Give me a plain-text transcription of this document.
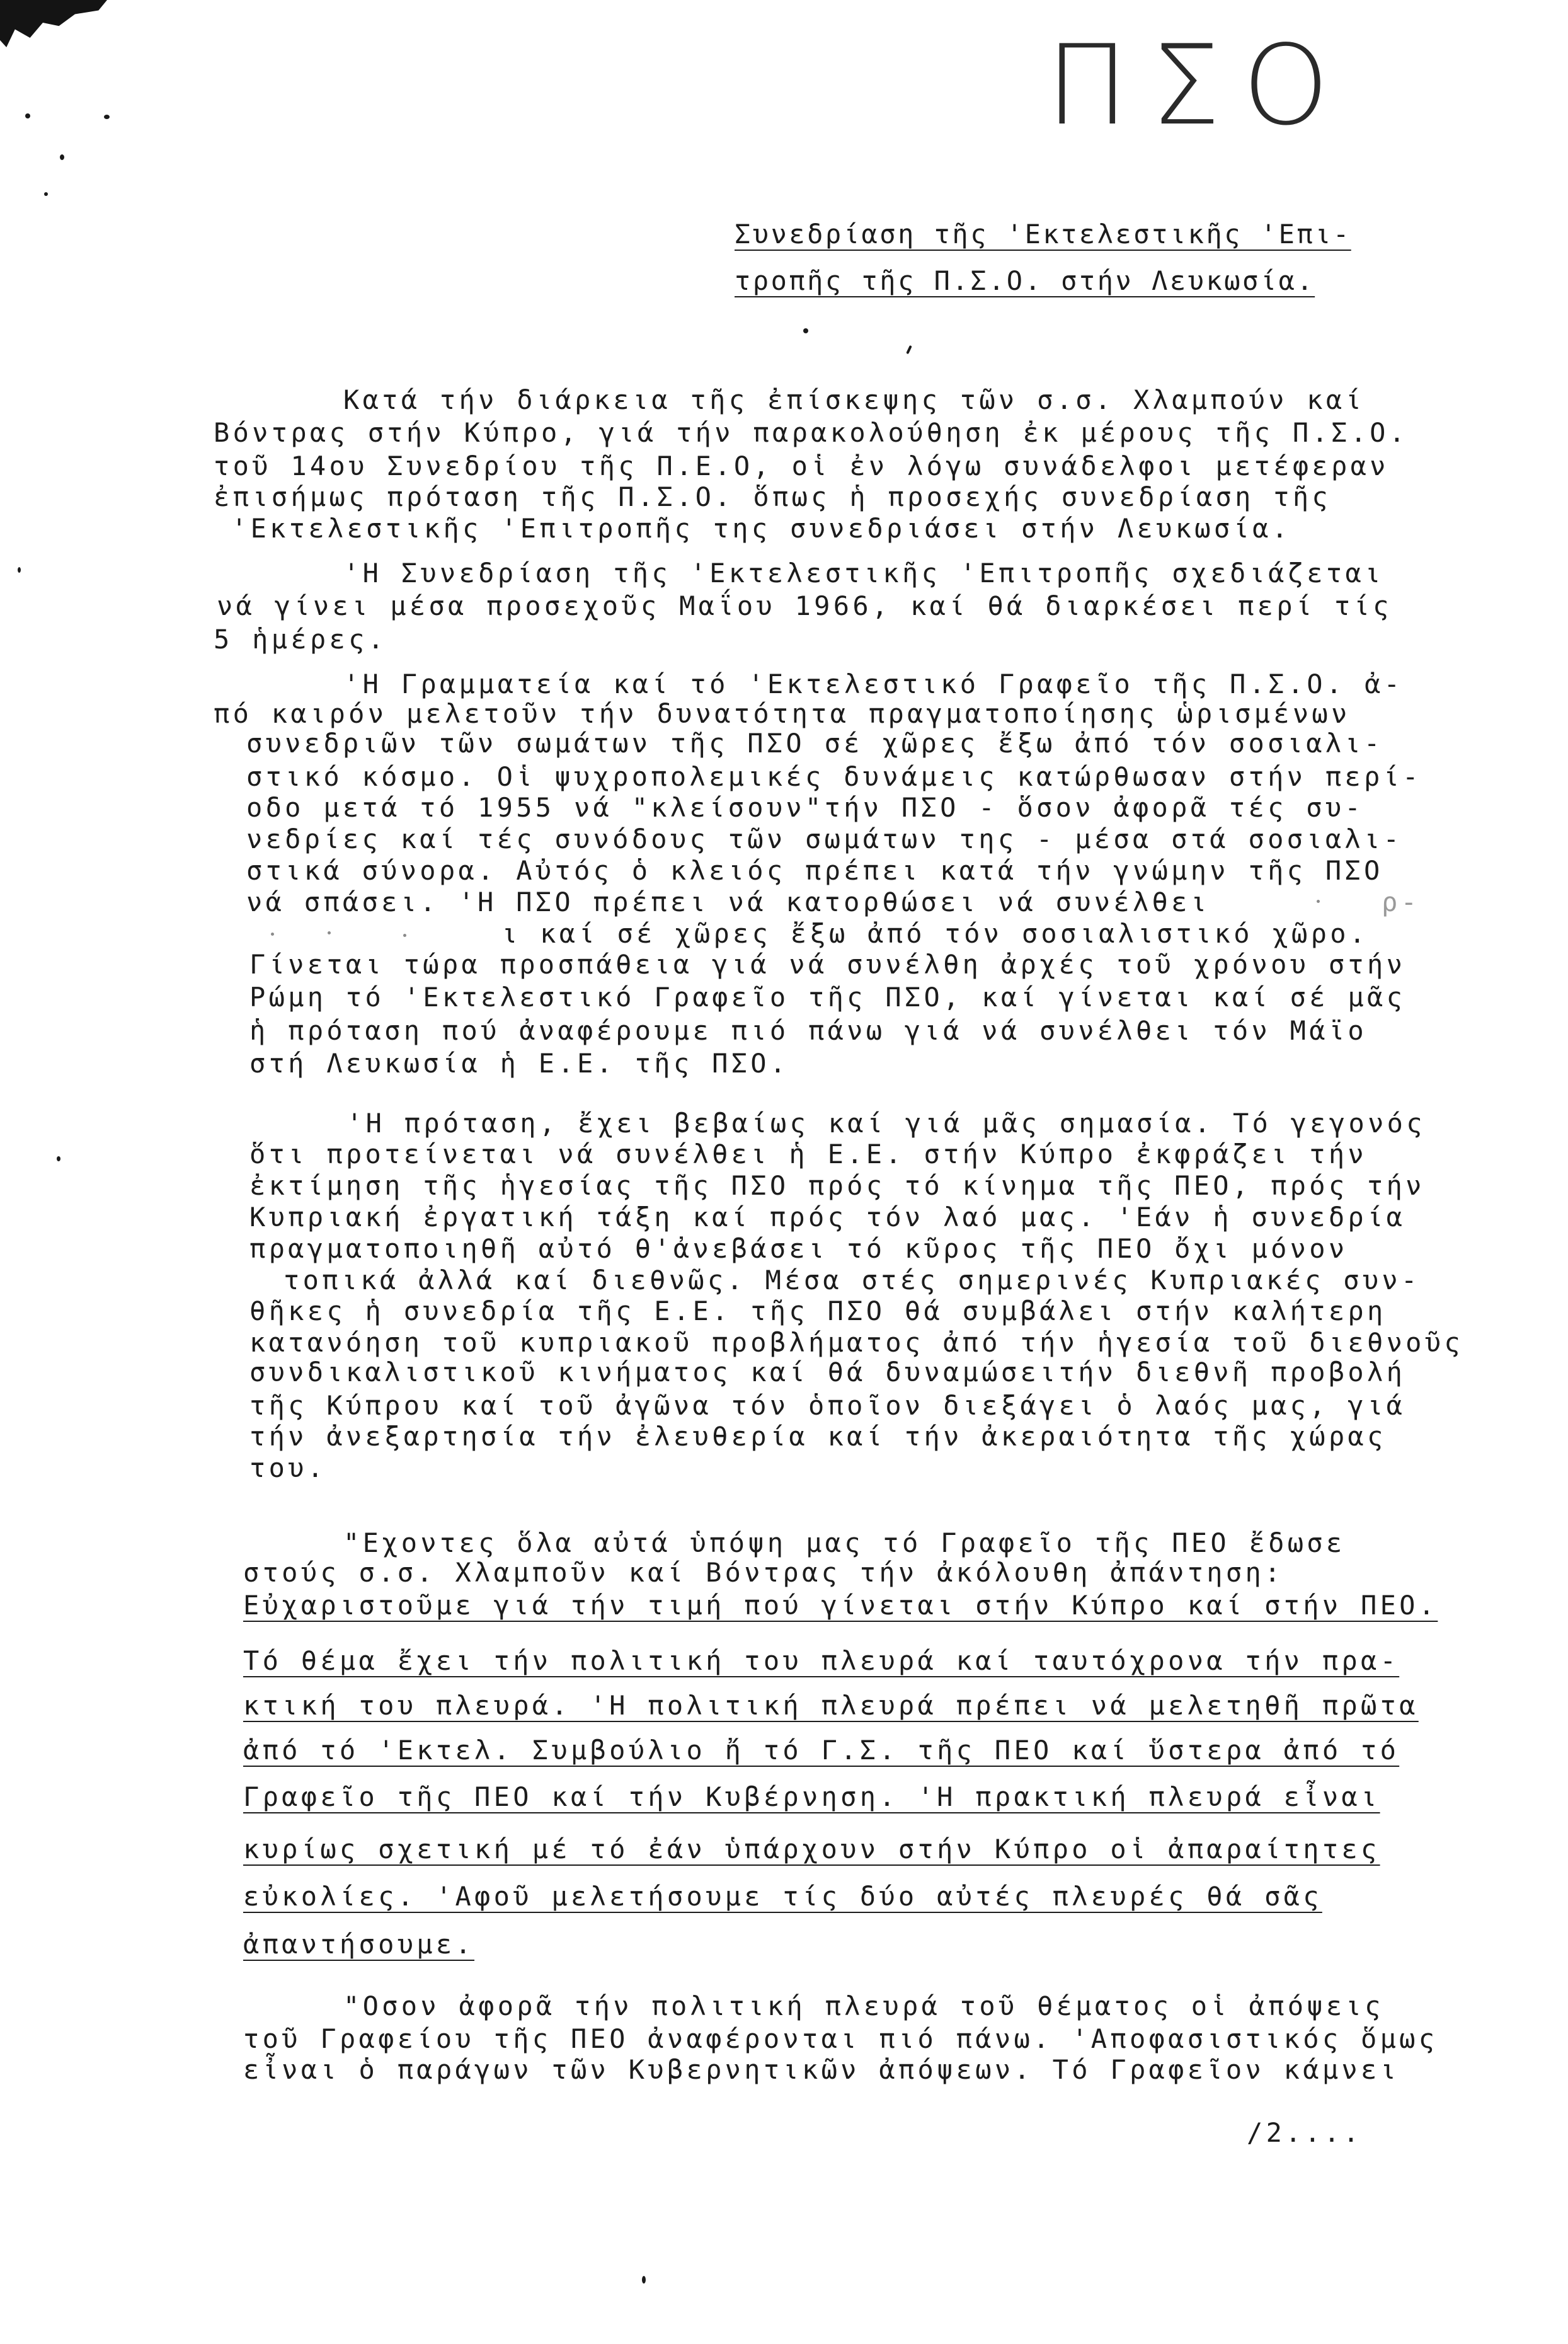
ΠΣΟ
Συνεδρίαση τῆς 'Εκτελεστικῆς 'Επι-
τροπῆς τῆς Π.Σ.Ο. στήν Λευκωσία.
Κατά τήν διάρκεια τῆς ἐπίσκεψης τῶν σ.σ. Χλαμπούν καί
Βόντρας στήν Κύπρο, γιά τήν παρακολούθηση ἐκ μέρους τῆς Π.Σ.Ο.
τοῦ 14ου Συνεδρίου τῆς Π.Ε.Ο, οἱ ἐν λόγω συνάδελφοι μετέφεραν
ἐπισήμως πρόταση τῆς Π.Σ.Ο. ὅπως ἡ προσεχής συνεδρίαση τῆς
'Εκτελεστικῆς 'Επιτροπῆς της συνεδριάσει στήν Λευκωσία.
'Η Συνεδρίαση τῆς 'Εκτελεστικῆς 'Επιτροπῆς σχεδιάζεται
νά γίνει μέσα προσεχοῦς Μαΐου 1966, καί θά διαρκέσει περί τίς
5 ἡμέρες.
'Η Γραμματεία καί τό 'Εκτελεστικό Γραφεῖο τῆς Π.Σ.Ο. ἀ-
πό καιρόν μελετοῦν τήν δυνατότητα πραγματοποίησης ὡρισμένων
συνεδριῶν τῶν σωμάτων τῆς ΠΣΟ σέ χῶρες ἔξω ἀπό τόν σοσιαλι-
στικό κόσμο. Οἱ ψυχροπολεμικές δυνάμεις κατώρθωσαν στήν περί-
οδο μετά τό 1955 νά "κλείσουν"τήν ΠΣΟ - ὅσον ἀφορᾶ τές συ-
νεδρίες καί τές συνόδους τῶν σωμάτων της - μέσα στά σοσιαλι-
στικά σύνορα. Αὐτός ὁ κλειός πρέπει κατά τήν γνώμην τῆς ΠΣΟ
νά σπάσει. 'Η ΠΣΟ πρέπει νά κατορθώσει νά συνέλθει	ρ-
ι καί σέ χῶρες ἔξω ἀπό τόν σοσιαλιστικό χῶρο.
Γίνεται τώρα προσπάθεια γιά νά συνέλθη ἀρχές τοῦ χρόνου στήν
Ρώμη τό 'Εκτελεστικό Γραφεῖο τῆς ΠΣΟ, καί γίνεται καί σέ μᾶς
ἡ πρόταση πού ἀναφέρουμε πιό πάνω γιά νά συνέλθει τόν Μάϊο
στή Λευκωσία ἡ Ε.Ε. τῆς ΠΣΟ.
'Η πρόταση, ἔχει βεβαίως καί γιά μᾶς σημασία. Τό γεγονός
ὅτι προτείνεται νά συνέλθει ἡ Ε.Ε. στήν Κύπρο ἐκφράζει τήν
ἐκτίμηση τῆς ἡγεσίας τῆς ΠΣΟ πρός τό κίνημα τῆς ΠΕΟ, πρός τήν
Κυπριακή ἐργατική τάξη καί πρός τόν λαό μας. 'Εάν ἡ συνεδρία
πραγματοποιηθῆ αὐτό θ'ἀνεβάσει τό κῦρος τῆς ΠΕΟ ὄχι μόνον
τοπικά ἀλλά καί διεθνῶς. Μέσα στές σημερινές Κυπριακές συν-
θῆκες ἡ συνεδρία τῆς Ε.Ε. τῆς ΠΣΟ θά συμβάλει στήν καλήτερη
κατανόηση τοῦ κυπριακοῦ προβλήματος ἀπό τήν ἡγεσία τοῦ διεθνοῦς
συνδικαλιστικοῦ κινήματος καί θά δυναμώσειτήν διεθνῆ προβολή
τῆς Κύπρου καί τοῦ ἀγῶνα τόν ὁποῖον διεξάγει ὁ λαός μας, γιά
τήν ἀνεξαρτησία τήν ἐλευθερία καί τήν ἀκεραιότητα τῆς χώρας
του.
"Εχοντες ὅλα αὐτά ὑπόψη μας τό Γραφεῖο τῆς ΠΕΟ ἔδωσε
στούς σ.σ. Χλαμποῦν καί Βόντρας τήν ἀκόλουθη ἀπάντηση:
Εὐχαριστοῦμε γιά τήν τιμή πού γίνεται στήν Κύπρο καί στήν ΠΕΟ.
Τό θέμα ἔχει τήν πολιτική του πλευρά καί ταυτόχρονα τήν πρα-
κτική του πλευρά. 'Η πολιτική πλευρά πρέπει νά μελετηθῆ πρῶτα
ἀπό τό 'Εκτελ. Συμβούλιο ἤ τό Γ.Σ. τῆς ΠΕΟ καί ὕστερα ἀπό τό
Γραφεῖο τῆς ΠΕΟ καί τήν Κυβέρνηση. 'Η πρακτική πλευρά εἶναι
κυρίως σχετική μέ τό ἐάν ὑπάρχουν στήν Κύπρο οἱ ἀπαραίτητες
εὐκολίες. 'Αφοῦ μελετήσουμε τίς δύο αὐτές πλευρές θά σᾶς
ἀπαντήσουμε.
"Οσον ἀφορᾶ τήν πολιτική πλευρά τοῦ θέματος οἱ ἀπόψεις
τοῦ Γραφείου τῆς ΠΕΟ ἀναφέρονται πιό πάνω. 'Αποφασιστικός ὅμως
εἶναι ὁ παράγων τῶν Κυβερνητικῶν ἀπόψεων. Τό Γραφεῖον κάμνει
/2....
